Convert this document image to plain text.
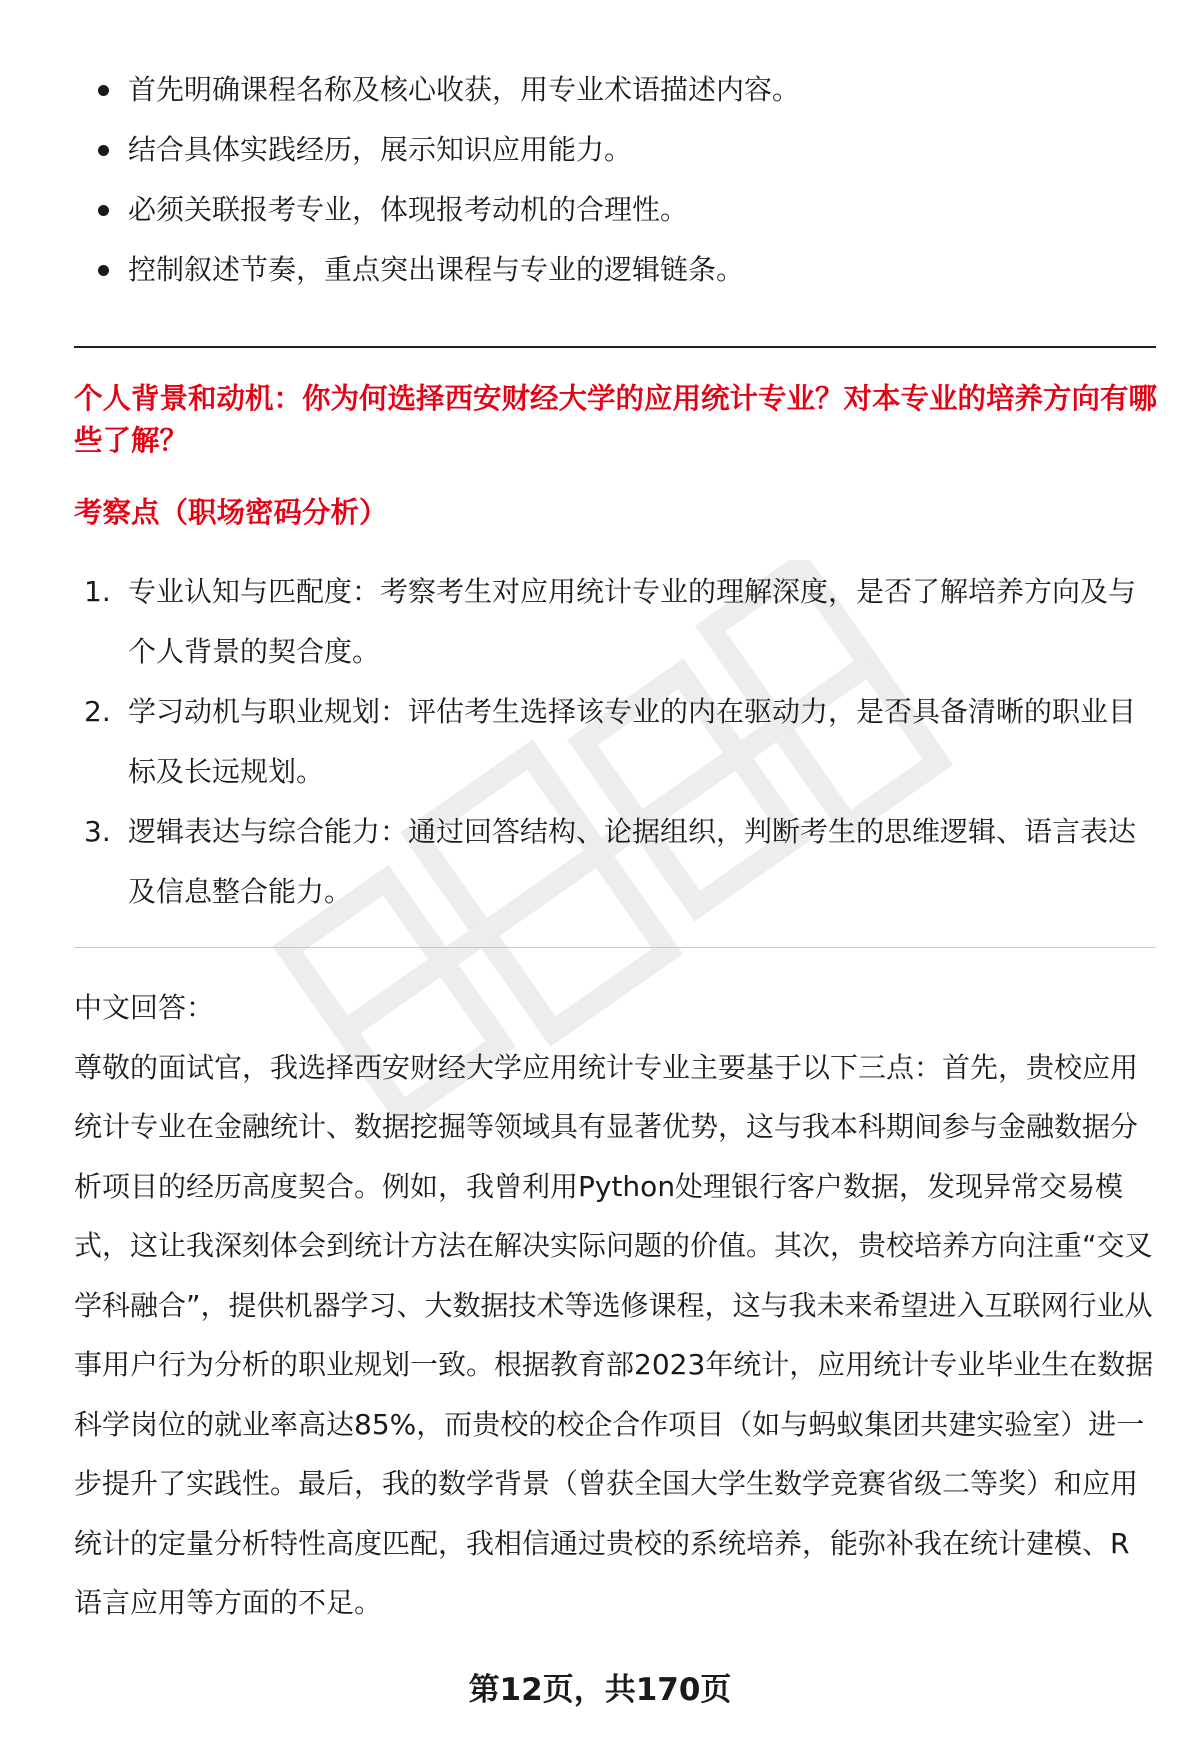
首先明确课程名称及核心收获，用专业术语描述内容。
结合具体实践经历，展示知识应用能力。
必须关联报考专业，体现报考动机的合理性。
控制叙述节奏，重点突出课程与专业的逻辑链条。

个人背景和动机：你为何选择西安财经大学的应用统计专业？对本专业的培养方向有哪些了解？

考察点（职场密码分析）

1. 专业认知与匹配度：考察考生对应用统计专业的理解深度，是否了解培养方向及与个人背景的契合度。
2. 学习动机与职业规划：评估考生选择该专业的内在驱动力，是否具备清晰的职业目标及长远规划。
3. 逻辑表达与综合能力：通过回答结构、论据组织，判断考生的思维逻辑、语言表达及信息整合能力。
中文回答：
尊敬的面试官，我选择西安财经大学应用统计专业主要基于以下三点：首先，贵校应用统计专业在金融统计、数据挖掘等领域具有显著优势，这与我本科期间参与金融数据分析项目的经历高度契合。例如，我曾利用Python处理银行客户数据，发现异常交易模式，这让我深刻体会到统计方法在解决实际问题的价值。其次，贵校培养方向注重“交叉学科融合”，提供机器学习、大数据技术等选修课程，这与我未来希望进入互联网行业从事用户行为分析的职业规划一致。根据教育部2023年统计，应用统计专业毕业生在数据科学岗位的就业率高达85%，而贵校的校企合作项目（如与蚂蚁集团共建实验室）进一步提升了实践性。最后，我的数学背景（曾获全国大学生数学竞赛省级二等奖）和应用统计的定量分析特性高度匹配，我相信通过贵校的系统培养，能弥补我在统计建模、R语言应用等方面的不足。
第12页，共170页
